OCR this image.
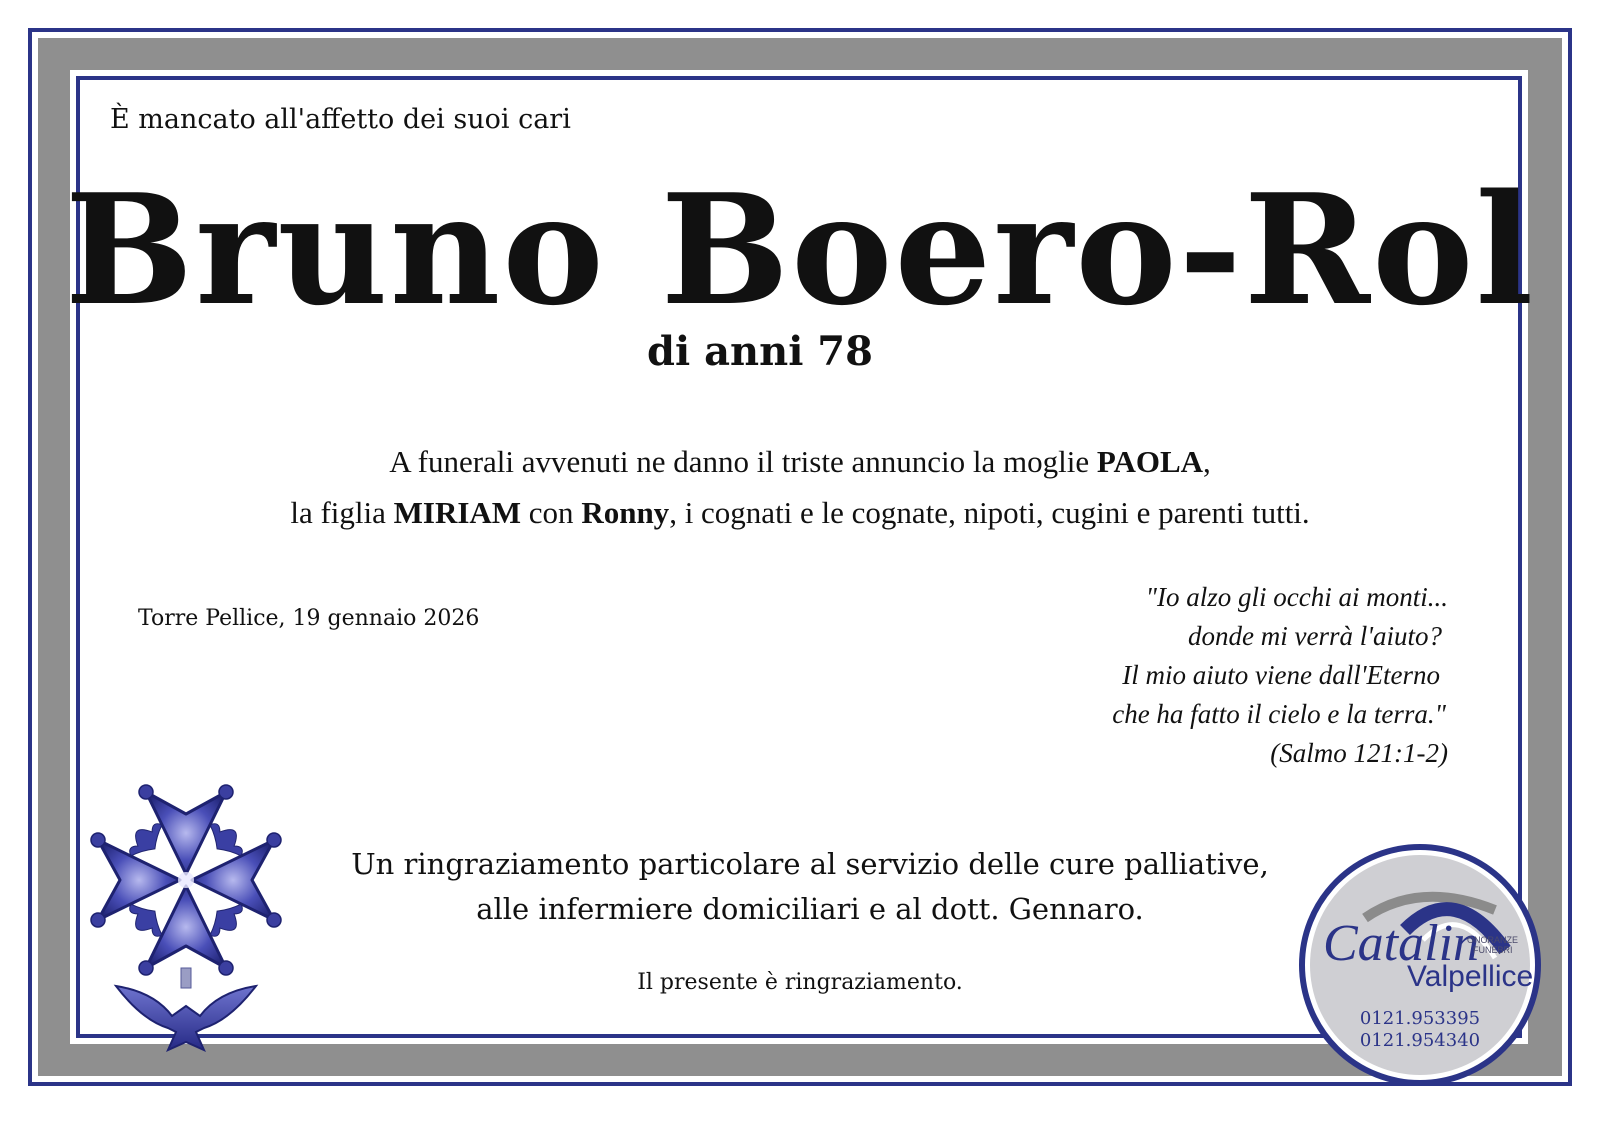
È mancato all'affetto dei suoi cari
Bruno Boero-Rol
di anni 78
A funerali avvenuti ne danno il triste annuncio la moglie PAOLA,
la figlia MIRIAM con Ronny, i cognati e le cognate, nipoti, cugini e parenti tutti.
Torre Pellice, 19 gennaio 2026
"Io alzo gli occhi ai monti...
donde mi verrà l'aiuto?
Il mio aiuto viene dall'Eterno
che ha fatto il cielo e la terra."
(Salmo 121:1-2)
Un ringraziamento particolare al servizio delle cure palliative,
alle infermiere domiciliari e al dott. Gennaro.
Il presente è ringraziamento.
Catalin
ONORANZE
FUNEBRI
Valpellice
0121.953395
0121.954340
